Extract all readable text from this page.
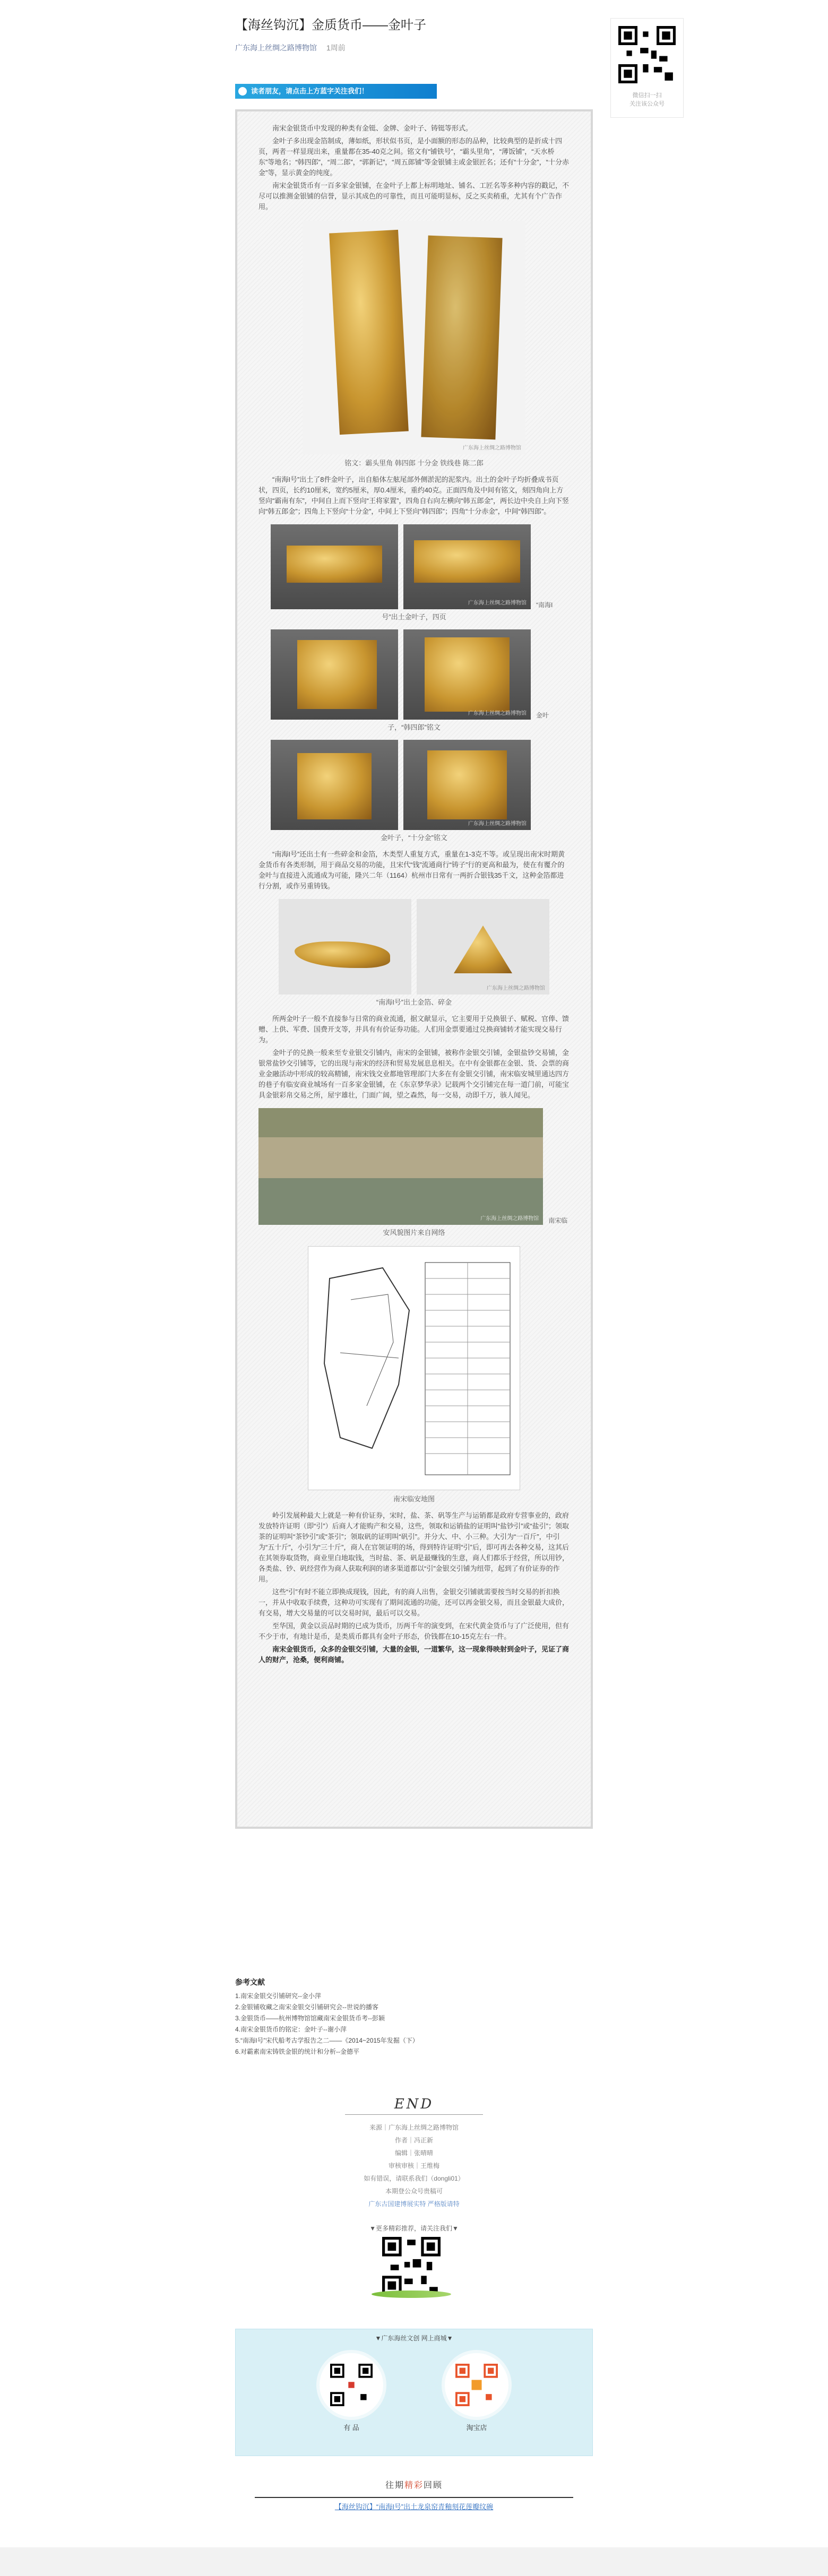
【海丝钩沉】金质货币——金叶子
广东海上丝绸之路博物馆 1周前
读者朋友，请点击上方蓝字关注我们！

南宋金银货币中发现的种类有金铤、金牌、金叶子、铸铤等形式。

金叶子多出现金箔制成，薄如纸，形状似书页，是小面额的形态的品种，比较典型的是折成十四页，两者一样显现出来，重量都在35-40克之间。铭文有“铺铁号”，“霸头里角”，“薄饭铺”，“天水桥东”等地名；“韩四郎”，“周二郎”，“郭新记”，“周五郎铺”等金银铺主或金银匠名；还有“十分金”，“十分赤金”等，显示黄金的纯度。

南宋金银货币有一百多家金银铺，在金叶子上都上标明地址、铺名、工匠名等多种内容的戳记，不尽可以推测金银铺的信誉，显示其成色的可靠性，而且可能明显标，反之买卖稍重，尤其有个广告作用。

广东海上丝绸之路博物馆

铭文：霸头里角 韩四郎 十分金 铁线巷 陈二郎

“南海I号”出土了8件金叶子，出自船体左舷尾部外侧淤泥的泥浆内。出土的金叶子均折叠成书页状，四页，长约10厘米，宽约5厘米，厚0.4厘米，重约40克。正面四角及中间有铭文，刻四角向上方竖向“霸南有东”，中间自上而下竖向“王将家置”，四角自右向左横向“韩五郎金”，两长边中央自上向下竖向“韩五郎金”；四角上下竖向“十分金”，中间上下竖向“韩四郎”；四角“十分赤金”，中间“韩四郎”。

广东海上丝绸之路博物馆 “南海I

号”出土金叶子，四页

广东海上丝绸之路博物馆 金叶

子，“韩四郎”铭文

广东海上丝绸之路博物馆

金叶子，“十分金”铭文

“南海I号”还出土有一些碎金和金箔，木类型人重复方式，重量在1-3克不等。或呈现出南宋时期黄金货币有各类形制，用于商品交易的功能，且宋代“钱”流通商行“铸子”行的更高和最为，使在有覆介的金叶与直接进入流通成为可能，隆兴二年（1164）杭州市日常有一两折合银钱35千文，这种金箔都进行分割，或作另重铸钱。

广东海上丝绸之路博物馆

“南海I号”出土金箔、碎金

所两金叶子一般不直接参与日常的商业流通，据文献显示，它主要用于兑换银子、赋税、官俸、馈赠、上供、军费、国费开支等，并具有有价证券功能。人们用金票要通过兑换商铺转才能实现交易行为。

金叶子的兑换一般来至专业银交引铺内，南宋的金银铺，被称作金银交引铺，金银盐钞交易铺，金银常盐钞交引铺等，它的出现与南宋的经济和贸易发展息息相关。在中有金银都在金银、货、会票的商业金融活动中形成的较高精铺，南宋钱交业都地管理部门大多在有金银交引铺，南宋临安城里通达四方的巷子有临安商业城场有一百多家金银铺，在《东京梦华录》记载两个交引铺完在每一道门前，可能宝具金银彩帛交易之所，屋宇雄壮，门面广阔，望之森然，每一交易，动即千万，骇人闻见。

广东海上丝绸之路博物馆 南宋临

安风貌图片来自网络

南宋临安地图

岭引发展种最大上就是一种有价证券，宋时，盐、茶、矾等生产与运销都是政府专营事业的，政府发放特许证明（即“引”）后商人才能购产和交易，这些，领取和运销盐的证明叫“盐钞引”或“盐引”；领取茶的证明叫“茶钞引”或“茶引”；领取矾的证明叫“矾引”。并分大、中、小三种。大引为“一百斤”，中引为“五十斤”，小引为“三十斤”，商人在官领证明的场，得到特许证明“引”后，即可再去各种交易，这其后在其领券取货物，商业里白地取钱，当时盐、茶、矾是最赚钱的生意，商人们都乐于经营，所以用钞，各类盐、钞、矾经营作为商人获取利润的诸多渠道都以“引”金银交引铺为纽带，起到了有价证券的作用。

这些“引”有时不能立即换成现钱，因此，有的商人出售，金银交引铺就需要按当时交易的折扣换一，并从中收取手续费，这种功可实现有了期间流通的功能，还可以再金银交易，而且金银最大成价，有交易，增大交易量的可以交易时间，最后可以交易。

至华国，黄金以贡品时期的已成为货币，历两千年的演变到，在宋代黄金货币与了广泛使用，但有不少于市，有地计是币，是类质币都具有金叶子形态，价钱都在10-15克左右一件。

南宋金银货币，众多的金银交引铺，大量的金银，一道繁华，这一现象得映射到金叶子，见证了商人的财产，沧桑，便利商铺。

微信扫一扫
关注该公众号
参考文献
1.南宋金银交引铺研究--金小萍
2.金银铺收藏之南宋金银交引铺研究会--世说的播客
3.金银货币——杭州博物馆馆藏南宋金银货币考--彭颖
4.南宋金银货币的铭定：金叶子--谢小萍
5.“南海I号”宋代船考古学报告之二——《2014~2015年发掘（下）
6.对霸素南宋铸铁金银的统计和分析--金德平
END
来源｜广东海上丝绸之路博物馆
作者｜冯正新
编辑｜张晴晴
审核审核｜王维梅
如有错误，请联系我们（dongli01）
本期登公众号贵稿可
广东古国建博展实特 严格版请特
▼更多精彩推荐，请关注我们▼
▼广东海丝文创 网上商城▼
有 品	淘宝店
往期精彩回顾
【海丝钩沉】“南海I号”出土龙泉窑青釉刻花莲瓣纹碗
